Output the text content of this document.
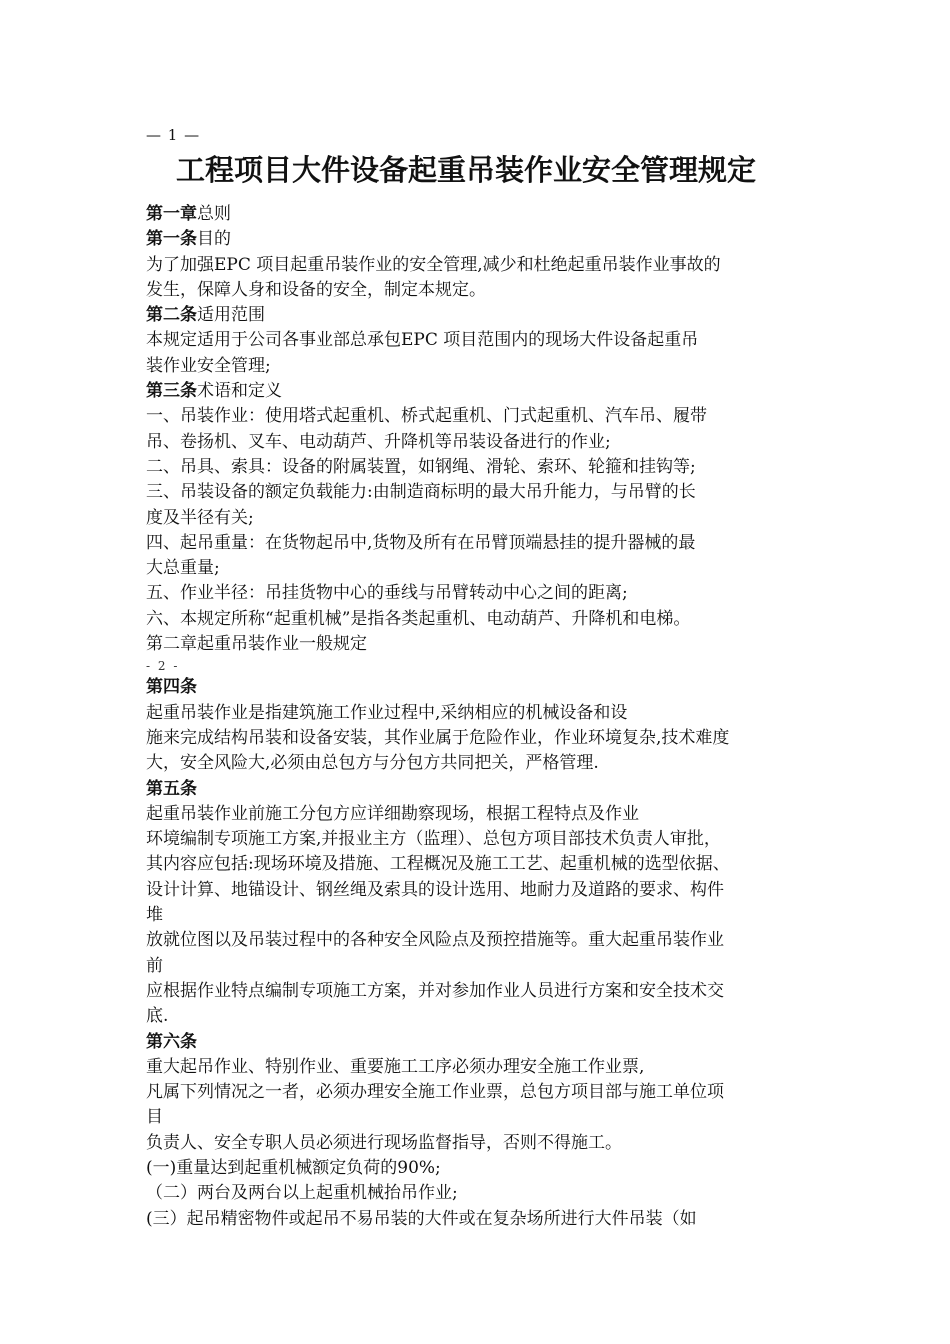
— 1 —
工程项目大件设备起重吊装作业安全管理规定
第一章总则
第一条目的
为了加强EPC 项目起重吊装作业的安全管理,减少和杜绝起重吊装作业事故的
发生，保障人身和设备的安全，制定本规定。
第二条适用范围
本规定适用于公司各事业部总承包EPC 项目范围内的现场大件设备起重吊
装作业安全管理;
第三条术语和定义
一、吊装作业：使用塔式起重机、桥式起重机、门式起重机、汽车吊、履带
吊、卷扬机、叉车、电动葫芦、升降机等吊装设备进行的作业;
二、吊具、索具：设备的附属装置，如钢绳、滑轮、索环、轮箍和挂钩等;
三、吊装设备的额定负载能力:由制造商标明的最大吊升能力，与吊臂的长
度及半径有关;
四、起吊重量：在货物起吊中,货物及所有在吊臂顶端悬挂的提升器械的最
大总重量;
五、作业半径：吊挂货物中心的垂线与吊臂转动中心之间的距离;
六、本规定所称“起重机械”是指各类起重机、电动葫芦、升降机和电梯。
第二章起重吊装作业一般规定
- 2 -
第四条
起重吊装作业是指建筑施工作业过程中,采纳相应的机械设备和设
施来完成结构吊装和设备安装，其作业属于危险作业，作业环境复杂,技术难度
大，安全风险大,必须由总包方与分包方共同把关，严格管理.
第五条
起重吊装作业前施工分包方应详细勘察现场，根据工程特点及作业
环境编制专项施工方案,并报业主方（监理）、总包方项目部技术负责人审批，
其内容应包括:现场环境及措施、工程概况及施工工艺、起重机械的选型依据、
设计计算、地锚设计、钢丝绳及索具的设计选用、地耐力及道路的要求、构件
堆
放就位图以及吊装过程中的各种安全风险点及预控措施等。重大起重吊装作业
前
应根据作业特点编制专项施工方案，并对参加作业人员进行方案和安全技术交
底.
第六条
重大起吊作业、特别作业、重要施工工序必须办理安全施工作业票,
凡属下列情况之一者，必须办理安全施工作业票，总包方项目部与施工单位项
目
负责人、安全专职人员必须进行现场监督指导，否则不得施工。
(一)重量达到起重机械额定负荷的90%;
（二）两台及两台以上起重机械抬吊作业;
(三）起吊精密物件或起吊不易吊装的大件或在复杂场所进行大件吊装（如
